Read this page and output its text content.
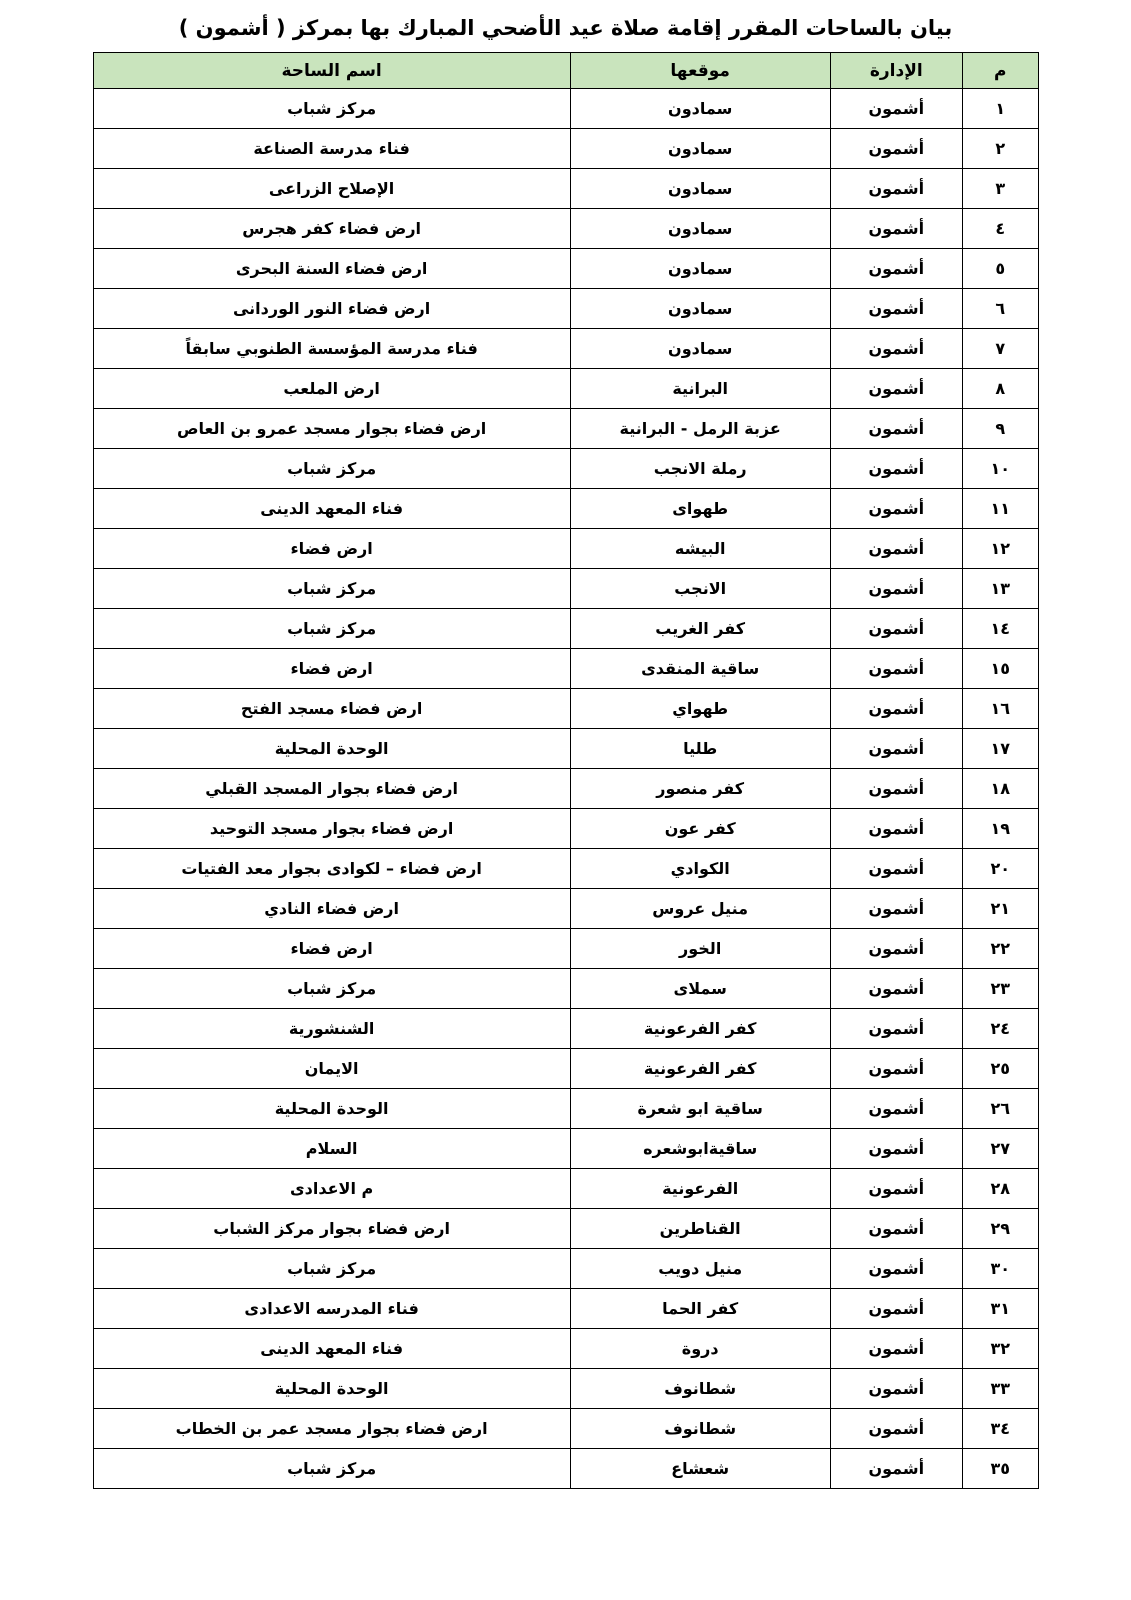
بيان بالساحات المقرر إقامة صلاة عيد الأضحي المبارك بها بمركز ( أشمون )
م	الإدارة	موقعها	اسم الساحة
١	أشمون	سمادون	مركز شباب
٢	أشمون	سمادون	فناء مدرسة الصناعة
٣	أشمون	سمادون	الإصلاح الزراعى
٤	أشمون	سمادون	ارض فضاء كفر هجرس
٥	أشمون	سمادون	ارض فضاء السنة البحرى
٦	أشمون	سمادون	ارض فضاء النور الوردانى
٧	أشمون	سمادون	فناء مدرسة المؤسسة الطنوبي سابقاً
٨	أشمون	البرانية	ارض الملعب
٩	أشمون	عزبة الرمل - البرانية	ارض فضاء بجوار مسجد عمرو بن العاص
١٠	أشمون	رملة الانجب	مركز شباب
١١	أشمون	طهواى	فناء المعهد الدينى
١٢	أشمون	البيشه	ارض فضاء
١٣	أشمون	الانجب	مركز شباب
١٤	أشمون	كفر الغريب	مركز شباب
١٥	أشمون	ساقية المنقدى	ارض فضاء
١٦	أشمون	طهواي	ارض فضاء مسجد الفتح
١٧	أشمون	طليا	الوحدة المحلية
١٨	أشمون	كفر منصور	ارض فضاء بجوار المسجد القبلي
١٩	أشمون	كفر عون	ارض فضاء بجوار مسجد التوحيد
٢٠	أشمون	الكوادي	ارض فضاء – لكوادى بجوار معد الفتيات
٢١	أشمون	منيل عروس	ارض فضاء النادي
٢٢	أشمون	الخور	ارض فضاء
٢٣	أشمون	سملاى	مركز شباب
٢٤	أشمون	كفر الفرعونية	الشنشورية
٢٥	أشمون	كفر الفرعونية	الايمان
٢٦	أشمون	ساقية ابو شعرة	الوحدة المحلية
٢٧	أشمون	ساقيةابوشعره	السلام
٢٨	أشمون	الفرعونية	م الاعدادى
٢٩	أشمون	القناطرين	ارض فضاء بجوار مركز الشباب
٣٠	أشمون	منيل دويب	مركز شباب
٣١	أشمون	كفر الحما	فناء المدرسه الاعدادى
٣٢	أشمون	دروة	فناء المعهد الدينى
٣٣	أشمون	شطانوف	الوحدة المحلية
٣٤	أشمون	شطانوف	ارض فضاء بجوار مسجد عمر بن الخطاب
٣٥	أشمون	شعشاع	مركز شباب
